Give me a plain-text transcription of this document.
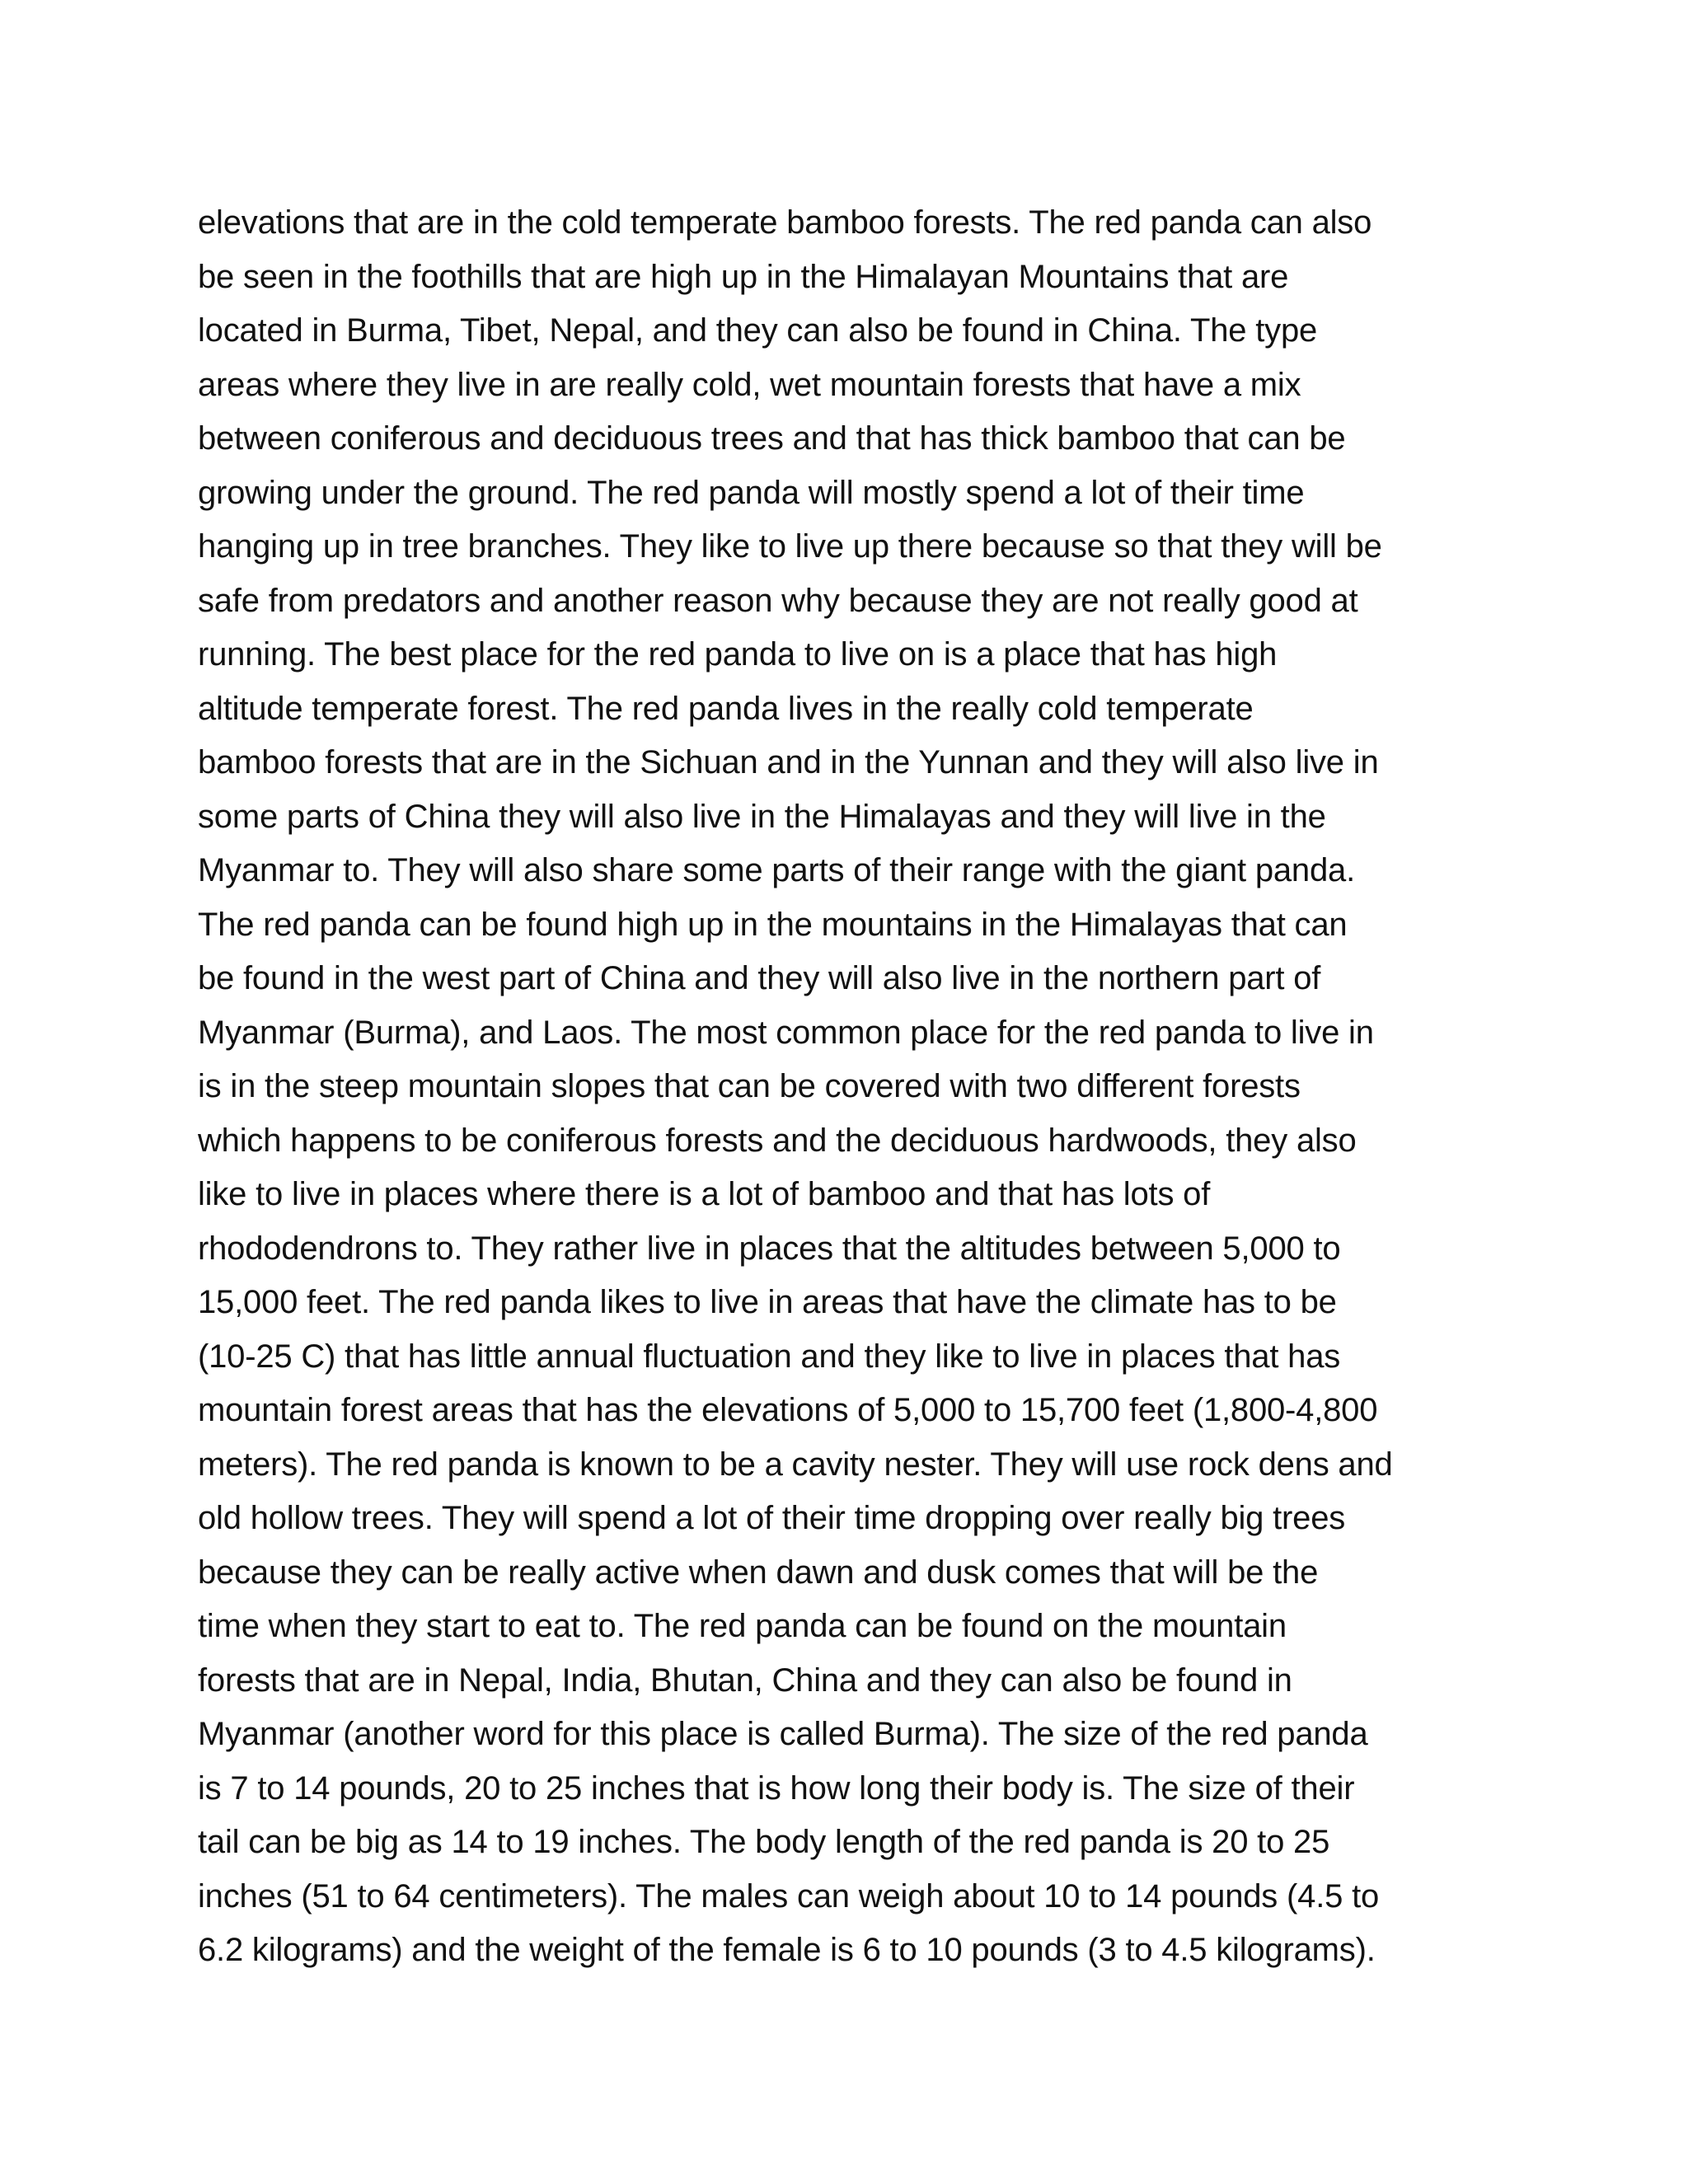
elevations that are in the cold temperate bamboo forests. The red panda can also
be seen in the foothills that are high up in the Himalayan Mountains that are
located in Burma, Tibet, Nepal, and they can also be found in China. The type
areas where they live in are really cold, wet mountain forests that have a mix
between coniferous and deciduous trees and that has thick bamboo that can be
growing under the ground. The red panda will mostly spend a lot of their time
hanging up in tree branches. They like to live up there because so that they will be
safe from predators and another reason why because they are not really good at
running. The best place for the red panda to live on is a place that has high
altitude temperate forest. The red panda lives in the really cold temperate
bamboo forests that are in the Sichuan and in the Yunnan and they will also live in
some parts of China they will also live in the Himalayas and they will live in the
Myanmar to. They will also share some parts of their range with the giant panda.
The red panda can be found high up in the mountains in the Himalayas that can
be found in the west part of China and they will also live in the northern part of
Myanmar (Burma), and Laos. The most common place for the red panda to live in
is in the steep mountain slopes that can be covered with two different forests
which happens to be coniferous forests and the deciduous hardwoods, they also
like to live in places where there is a lot of bamboo and that has lots of
rhododendrons to. They rather live in places that the altitudes between 5,000 to
15,000 feet. The red panda likes to live in areas that have the climate has to be
(10-25 C) that has little annual fluctuation and they like to live in places that has
mountain forest areas that has the elevations of 5,000 to 15,700 feet (1,800-4,800
meters). The red panda is known to be a cavity nester. They will use rock dens and
old hollow trees. They will spend a lot of their time dropping over really big trees
because they can be really active when dawn and dusk comes that will be the
time when they start to eat to. The red panda can be found on the mountain
forests that are in Nepal, India, Bhutan, China and they can also be found in
Myanmar (another word for this place is called Burma). The size of the red panda
is 7 to 14 pounds, 20 to 25 inches that is how long their body is. The size of their
tail can be big as 14 to 19 inches. The body length of the red panda is 20 to 25
inches (51 to 64 centimeters). The males can weigh about 10 to 14 pounds (4.5 to
6.2 kilograms) and the weight of the female is 6 to 10 pounds (3 to 4.5 kilograms).
